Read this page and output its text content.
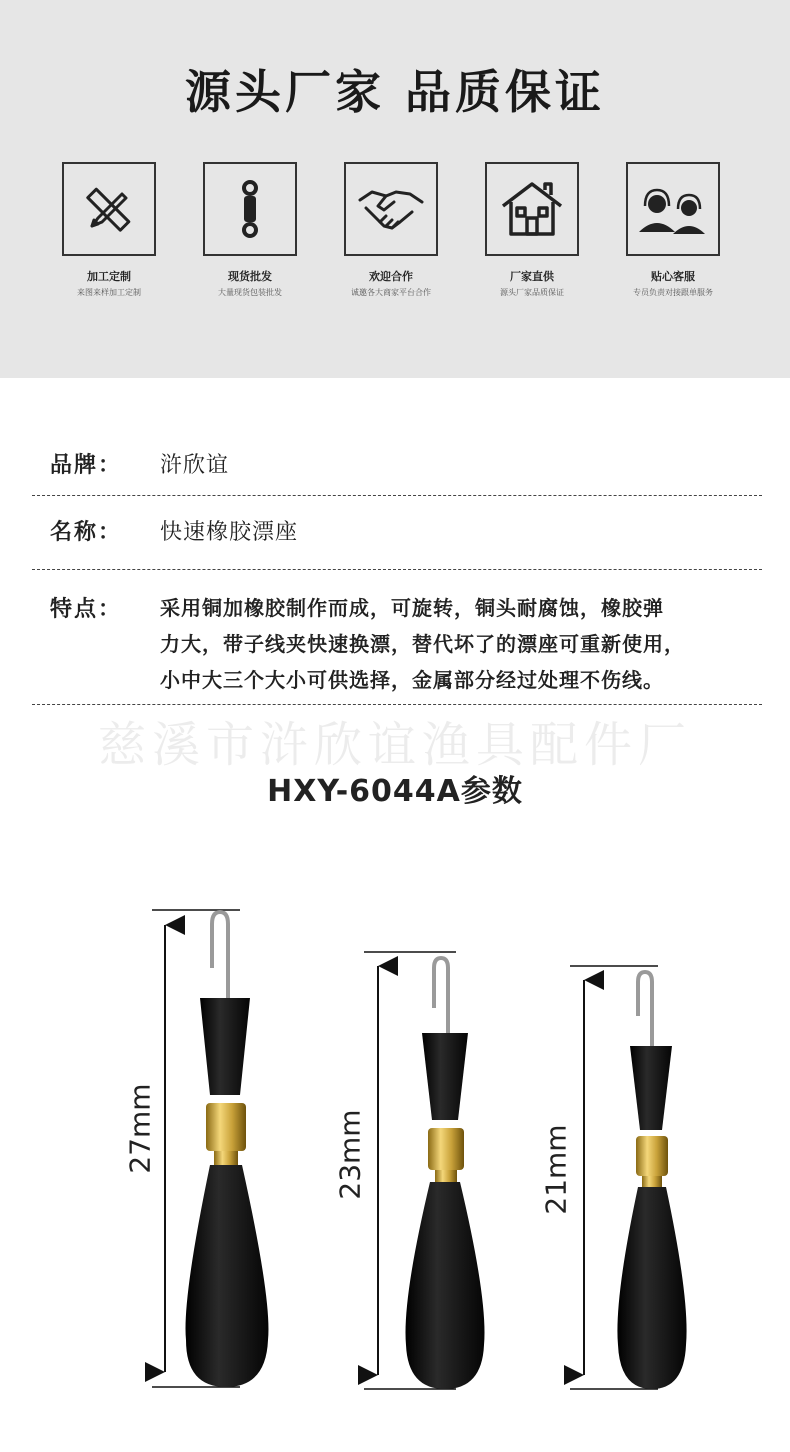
源头厂家 品质保证
加工定制
来图来样加工定制
现货批发
大量现货包装批发
欢迎合作
诚邀各大商家平台合作
厂家直供
源头厂家品质保证
贴心客服
专员负责对接跟单服务
品牌： 浒欣谊
名称： 快速橡胶漂座
特点： 采用铜加橡胶制作而成，可旋转，铜头耐腐蚀，橡胶弹
力大，带子线夹快速换漂，替代坏了的漂座可重新使用，
小中大三个大小可供选择，金属部分经过处理不伤线。
慈溪市浒欣谊渔具配件厂
HXY-6044A参数
27mm	23mm	21mm
